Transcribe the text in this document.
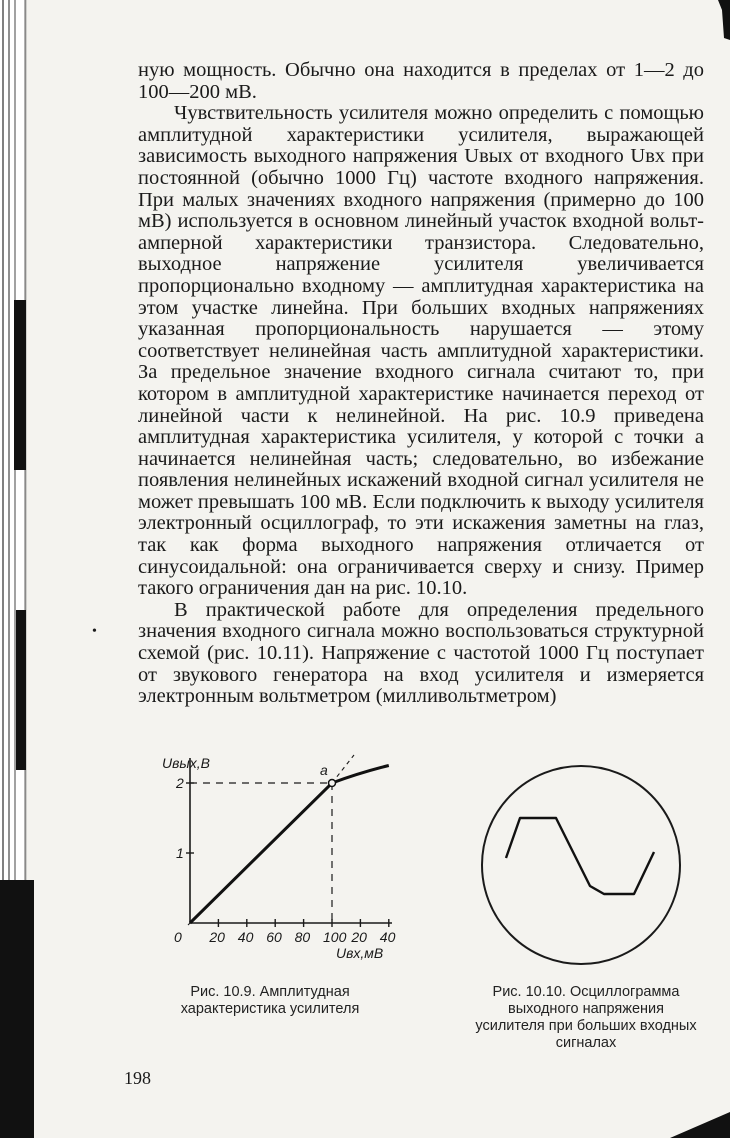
ную мощность. Обычно она находится в пределах от 1—2 до 100—200 мВ.

Чувствительность усилителя можно определить с помощью амплитудной характеристики усилителя, выражающей зависимость выходного напряжения Uвых от входного Uвх при постоянной (обычно 1000 Гц) частоте входного напряжения. При малых значениях входного напряжения (примерно до 100 мВ) используется в основном линейный участок входной вольт-амперной характеристики транзистора. Следовательно, выходное напряжение усилителя увеличивается пропорционально входному — амплитудная характеристика на этом участке линейна. При больших входных напряжениях указанная пропорциональность нарушается — этому соответствует нелинейная часть амплитудной характеристики. За предельное значение входного сигнала считают то, при котором в амплитудной характеристике начинается переход от линейной части к нелинейной. На рис. 10.9 приведена амплитудная характеристика усилителя, у которой с точки a начинается нелинейная часть; следовательно, во избежание появления нелинейных искажений входной сигнал усилителя не может превышать 100 мВ. Если подключить к выходу усилителя электронный осциллограф, то эти искажения заметны на глаз, так как форма выходного напряжения отличается от синусоидальной: она ограничивается сверху и снизу. Пример такого ограничения дан на рис. 10.10.

В практической работе для определения предельного значения входного сигнала можно воспользоваться структурной схемой (рис. 10.11). Напряжение с частотой 1000 Гц поступает от звукового генератора на вход усилителя и измеряется электронным вольтметром (милливольтметром)

•
Uвых,В
1
2
0 20 40 60 80 100 20 40
a
Uвх,мВ
Рис. 10.9. Амплитудная характеристика усилителя
Рис. 10.10. Осциллограмма выходного напряжения усилителя при больших входных сигналах
198
